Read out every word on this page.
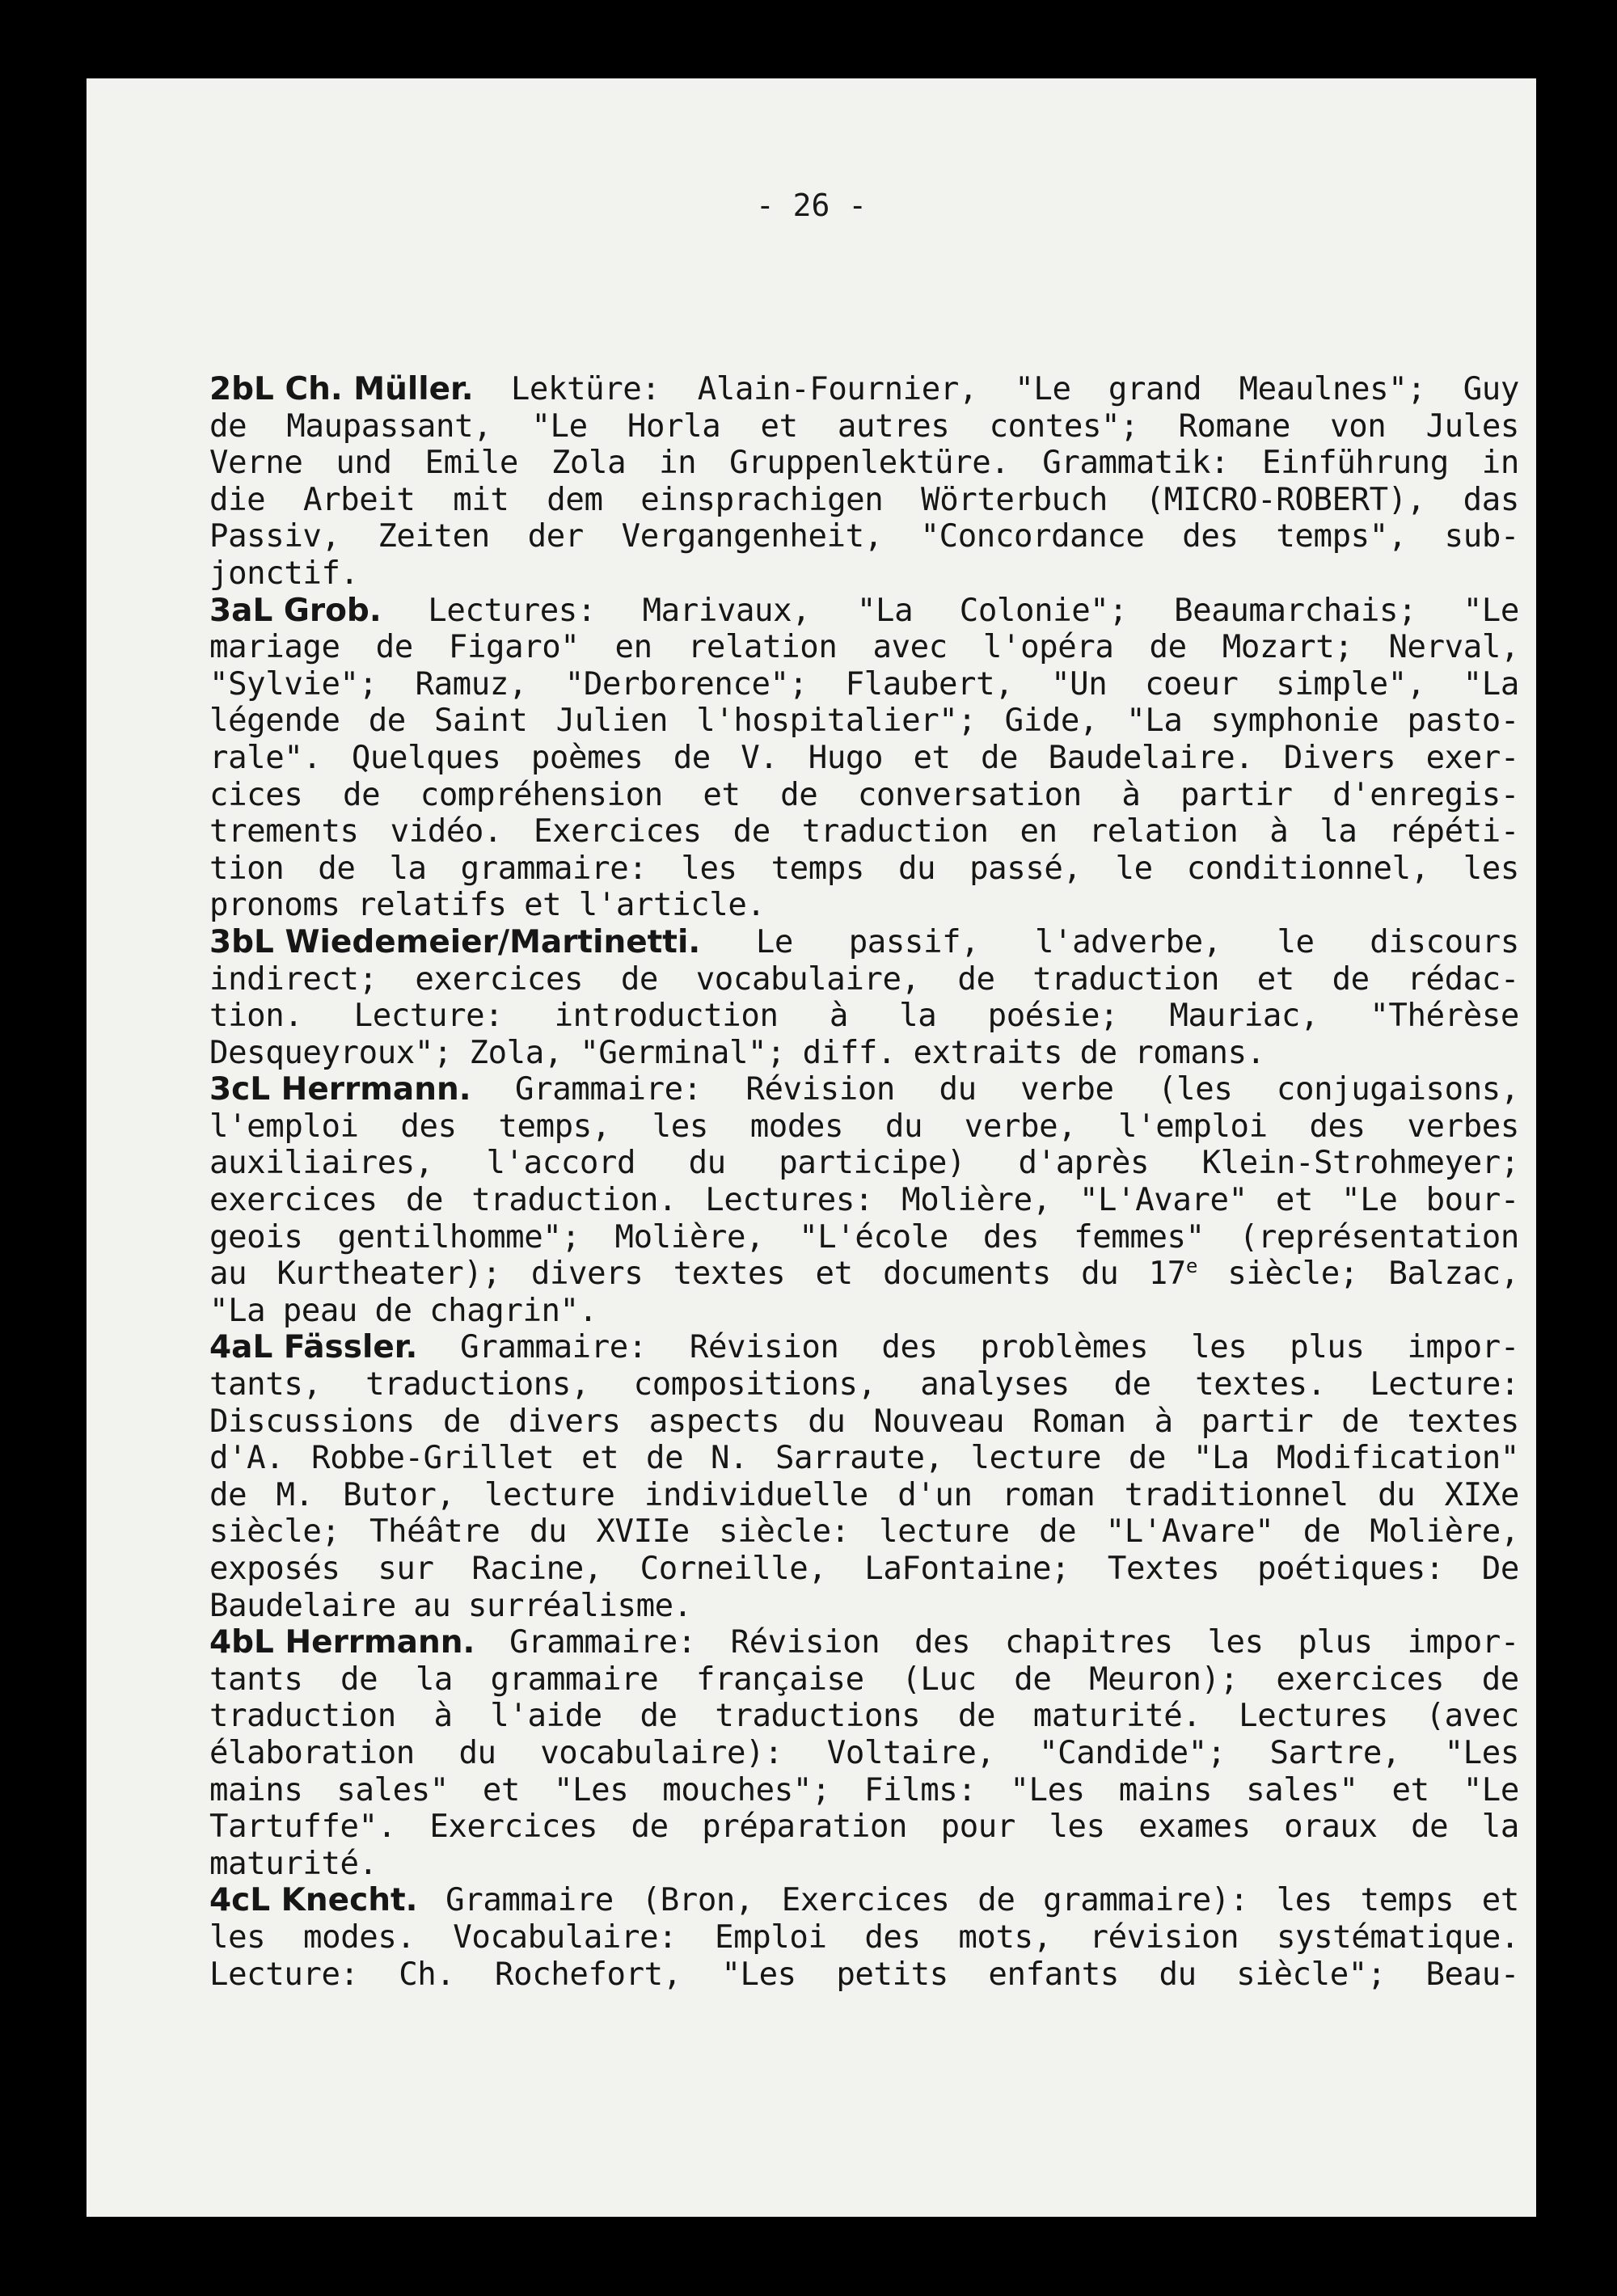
- 26 -
2bL Ch. Müller. Lektüre: Alain-Fournier, "Le grand Meaulnes"; Guy
de Maupassant, "Le Horla et autres contes"; Romane von Jules
Verne und Emile Zola in Gruppenlektüre. Grammatik: Einführung in
die Arbeit mit dem einsprachigen Wörterbuch (MICRO-ROBERT), das
Passiv, Zeiten der Vergangenheit, "Concordance des temps", sub-
jonctif.
3aL Grob. Lectures: Marivaux, "La Colonie"; Beaumarchais; "Le
mariage de Figaro" en relation avec l'opéra de Mozart; Nerval,
"Sylvie"; Ramuz, "Derborence"; Flaubert, "Un coeur simple", "La
légende de Saint Julien l'hospitalier"; Gide, "La symphonie pasto-
rale". Quelques poèmes de V. Hugo et de Baudelaire. Divers exer-
cices de compréhension et de conversation à partir d'enregis-
trements vidéo. Exercices de traduction en relation à la répéti-
tion de la grammaire: les temps du passé, le conditionnel, les
pronoms relatifs et l'article.
3bL Wiedemeier/Martinetti. Le passif, l'adverbe, le discours
indirect; exercices de vocabulaire, de traduction et de rédac-
tion. Lecture: introduction à la poésie; Mauriac, "Thérèse
Desqueyroux"; Zola, "Germinal"; diff. extraits de romans.
3cL Herrmann. Grammaire: Révision du verbe (les conjugaisons,
l'emploi des temps, les modes du verbe, l'emploi des verbes
auxiliaires, l'accord du participe) d'après Klein-Strohmeyer;
exercices de traduction. Lectures: Molière, "L'Avare" et "Le bour-
geois gentilhomme"; Molière, "L'école des femmes" (représentation
au Kurtheater); divers textes et documents du 17e siècle; Balzac,
"La peau de chagrin".
4aL Fässler. Grammaire: Révision des problèmes les plus impor-
tants, traductions, compositions, analyses de textes. Lecture:
Discussions de divers aspects du Nouveau Roman à partir de textes
d'A. Robbe-Grillet et de N. Sarraute, lecture de "La Modification"
de M. Butor, lecture individuelle d'un roman traditionnel du XIXe
siècle; Théâtre du XVIIe siècle: lecture de "L'Avare" de Molière,
exposés sur Racine, Corneille, LaFontaine; Textes poétiques: De
Baudelaire au surréalisme.
4bL Herrmann. Grammaire: Révision des chapitres les plus impor-
tants de la grammaire française (Luc de Meuron); exercices de
traduction à l'aide de traductions de maturité. Lectures (avec
élaboration du vocabulaire): Voltaire, "Candide"; Sartre, "Les
mains sales" et "Les mouches"; Films: "Les mains sales" et "Le
Tartuffe". Exercices de préparation pour les exames oraux de la
maturité.
4cL Knecht. Grammaire (Bron, Exercices de grammaire): les temps et
les modes. Vocabulaire: Emploi des mots, révision systématique.
Lecture: Ch. Rochefort, "Les petits enfants du siècle"; Beau-
